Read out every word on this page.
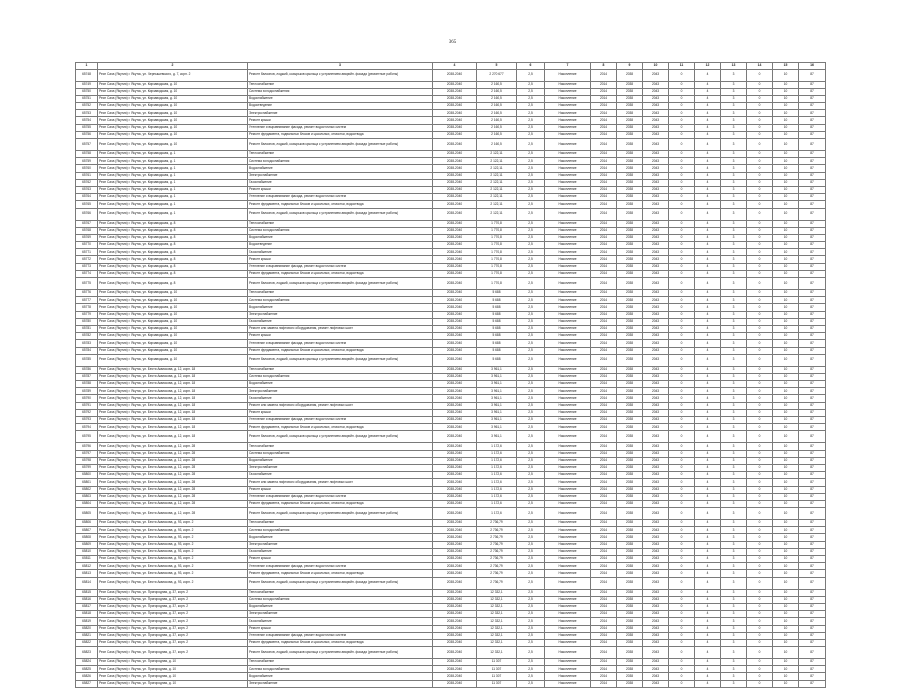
365
1	2	3	4	5	6	7	8	9	10	11	12	13	14	15	16
65748	Респ Саха (Якутия) г. Якутск, ул. Чернышевского, д. 7, корп. 2	Ремонт балконов, лоджий, козырьков крыльца с устранением аварийн. фасада (ремонтные работы)	2038-2040	2 270 677	2,5	Накопление	2014	2038	2043	0	4	3	0	10	87
65749	Респ Саха (Якутия) г. Якутск, ул. Кирзаводская, д. 10	Теплоснабжение	2038-2040	2 160,5	2,5	Накопление	2014	2038	2043	0	4	3	0	10	87
65750	Респ Саха (Якутия) г. Якутск, ул. Кирзаводская, д. 10	Система холодоснабжения	2038-2040	2 160,5	2,5	Накопление	2014	2038	2043	0	4	3	0	10	87
65751	Респ Саха (Якутия) г. Якутск, ул. Кирзаводская, д. 10	Водоснабжение	2038-2040	2 160,5	2,5	Накопление	2014	2038	2043	0	4	3	0	10	87
65752	Респ Саха (Якутия) г. Якутск, ул. Кирзаводская, д. 10	Водоотведение	2038-2040	2 160,5	2,5	Накопление	2014	2038	2043	0	4	3	0	10	87
65753	Респ Саха (Якутия) г. Якутск, ул. Кирзаводская, д. 10	Электроснабжение	2038-2040	2 160,5	2,5	Накопление	2014	2038	2043	0	4	3	0	10	87
65754	Респ Саха (Якутия) г. Якутск, ул. Кирзаводская, д. 10	Ремонт крыши	2038-2040	2 160,5	2,5	Накопление	2014	2038	2043	0	4	3	0	10	87
65755	Респ Саха (Якутия) г. Якутск, ул. Кирзаводская, д. 10	Утепление и выравнивание фасада, ремонт водосточных систем	2038-2040	2 160,5	2,5	Накопление	2014	2038	2043	0	4	3	0	10	87
65756	Респ Саха (Якутия) г. Якутск, ул. Кирзаводская, д. 10	Ремонт фундамента, подвальных блоков и цокольных, отмостки, водоотвода	2038-2040	2 160,5	2,5	Накопление	2014	2038	2043	0	4	3	0	10	87
65757	Респ Саха (Якутия) г. Якутск, ул. Кирзаводская, д. 10	Ремонт балконов, лоджий, козырьков крыльца с устранением аварийн. фасада (ремонтные работы)	2038-2040	2 160,5	2,5	Накопление	2014	2038	2043	0	4	3	0	10	87
65758	Респ Саха (Якутия) г. Якутск, ул. Кирзаводская, д. 1	Теплоснабжение	2038-2040	2 122,11	2,5	Накопление	2014	2038	2043	0	4	3	0	10	87
65759	Респ Саха (Якутия) г. Якутск, ул. Кирзаводская, д. 1	Система холодоснабжения	2038-2040	2 122,11	2,5	Накопление	2014	2038	2043	0	4	3	0	10	87
65760	Респ Саха (Якутия) г. Якутск, ул. Кирзаводская, д. 1	Водоснабжение	2038-2040	2 122,11	2,5	Накопление	2014	2038	2043	0	4	3	0	10	87
65761	Респ Саха (Якутия) г. Якутск, ул. Кирзаводская, д. 1	Электроснабжение	2038-2040	2 122,11	2,5	Накопление	2014	2038	2043	0	4	3	0	10	87
65762	Респ Саха (Якутия) г. Якутск, ул. Кирзаводская, д. 1	Газоснабжение	2038-2040	2 122,11	2,5	Накопление	2014	2038	2043	0	4	3	0	10	87
65763	Респ Саха (Якутия) г. Якутск, ул. Кирзаводская, д. 1	Ремонт крыши	2038-2040	2 122,11	2,5	Накопление	2014	2038	2043	0	4	3	0	10	87
65764	Респ Саха (Якутия) г. Якутск, ул. Кирзаводская, д. 1	Утепление и выравнивание фасада, ремонт водосточных систем	2038-2040	2 122,11	2,5	Накопление	2014	2038	2043	0	4	3	0	10	87
65765	Респ Саха (Якутия) г. Якутск, ул. Кирзаводская, д. 1	Ремонт фундамента, подвальных блоков и цокольных, отмостки, водоотвода	2038-2040	2 122,11	2,5	Накопление	2014	2038	2043	0	4	3	0	10	87
65766	Респ Саха (Якутия) г. Якутск, ул. Кирзаводская, д. 1	Ремонт балконов, лоджий, козырьков крыльца с устранением аварийн. фасада (ремонтные работы)	2038-2040	2 122,11	2,5	Накопление	2014	2038	2043	0	4	3	0	10	87
65767	Респ Саха (Якутия) г. Якутск, ул. Кирзаводская, д. 8	Теплоснабжение	2038-2040	1 770,8	2,5	Накопление	2014	2038	2043	0	4	3	0	10	87
65768	Респ Саха (Якутия) г. Якутск, ул. Кирзаводская, д. 8	Система холодоснабжения	2038-2040	1 770,8	2,5	Накопление	2014	2038	2043	0	4	3	0	10	87
65769	Респ Саха (Якутия) г. Якутск, ул. Кирзаводская, д. 8	Водоснабжение	2038-2040	1 770,8	2,5	Накопление	2014	2038	2043	0	4	3	0	10	87
65770	Респ Саха (Якутия) г. Якутск, ул. Кирзаводская, д. 8	Водоотведение	2038-2040	1 770,8	2,5	Накопление	2014	2038	2043	0	4	3	0	10	87
65771	Респ Саха (Якутия) г. Якутск, ул. Кирзаводская, д. 8	Газоснабжение	2038-2040	1 770,8	2,5	Накопление	2014	2038	2043	0	4	3	0	10	87
65772	Респ Саха (Якутия) г. Якутск, ул. Кирзаводская, д. 8	Ремонт крыши	2038-2040	1 770,8	2,5	Накопление	2014	2038	2043	0	4	3	0	10	87
65773	Респ Саха (Якутия) г. Якутск, ул. Кирзаводская, д. 8	Утепление и выравнивание фасада, ремонт водосточных систем	2038-2040	1 770,8	2,5	Накопление	2014	2038	2043	0	4	3	0	10	87
65774	Респ Саха (Якутия) г. Якутск, ул. Кирзаводская, д. 8	Ремонт фундамента, подвальных блоков и цокольных, отмостки, водоотвода	2038-2040	1 770,8	2,5	Накопление	2014	2038	2043	0	4	3	0	10	87
65775	Респ Саха (Якутия) г. Якутск, ул. Кирзаводская, д. 8	Ремонт балконов, лоджий, козырьков крыльца с устранением аварийн. фасада (ремонтные работы)	2038-2040	1 770,8	2,5	Накопление	2014	2038	2043	0	4	3	0	10	87
65776	Респ Саха (Якутия) г. Якутск, ул. Кирзаводская, д. 10	Теплоснабжение	2038-2040	5 688	2,5	Накопление	2014	2038	2043	0	4	3	0	10	87
65777	Респ Саха (Якутия) г. Якутск, ул. Кирзаводская, д. 10	Система холодоснабжения	2038-2040	5 688	2,5	Накопление	2014	2038	2043	0	4	3	0	10	87
65778	Респ Саха (Якутия) г. Якутск, ул. Кирзаводская, д. 10	Водоснабжение	2038-2040	5 688	2,5	Накопление	2014	2038	2043	0	4	3	0	10	87
65779	Респ Саха (Якутия) г. Якутск, ул. Кирзаводская, д. 10	Электроснабжение	2038-2040	5 688	2,5	Накопление	2014	2038	2043	0	4	3	0	10	87
65780	Респ Саха (Якутия) г. Якутск, ул. Кирзаводская, д. 10	Газоснабжение	2038-2040	5 688	2,5	Накопление	2014	2038	2043	0	4	3	0	10	87
65781	Респ Саха (Якутия) г. Якутск, ул. Кирзаводская, д. 10	Ремонт или замена лифтового оборудования, ремонт лифтовых шахт	2038-2040	5 688	2,5	Накопление	2014	2038	2043	0	4	3	0	10	87
65782	Респ Саха (Якутия) г. Якутск, ул. Кирзаводская, д. 10	Ремонт крыши	2038-2040	5 688	2,5	Накопление	2014	2038	2043	0	4	3	0	10	87
65783	Респ Саха (Якутия) г. Якутск, ул. Кирзаводская, д. 10	Утепление и выравнивание фасада, ремонт водосточных систем	2038-2040	5 688	2,5	Накопление	2014	2038	2043	0	4	3	0	10	87
65784	Респ Саха (Якутия) г. Якутск, ул. Кирзаводская, д. 10	Ремонт фундамента, подвальных блоков и цокольных, отмостки, водоотвода	2038-2040	5 688	2,5	Накопление	2014	2038	2043	0	4	3	0	10	87
65785	Респ Саха (Якутия) г. Якутск, ул. Кирзаводская, д. 10	Ремонт балконов, лоджий, козырьков крыльца с устранением аварийн. фасада (ремонтные работы)	2038-2040	5 688	2,5	Накопление	2014	2038	2043	0	4	3	0	10	87
65786	Респ Саха (Якутия) г. Якутск, ул. Бестя Аммосова, д. 12, корп. 18	Теплоснабжение	2038-2040	3 961,1	2,5	Накопление	2014	2038	2043	0	4	3	0	10	87
65787	Респ Саха (Якутия) г. Якутск, ул. Бестя Аммосова, д. 12, корп. 18	Система холодоснабжения	2038-2040	3 961,1	2,5	Накопление	2014	2038	2043	0	4	3	0	10	87
65788	Респ Саха (Якутия) г. Якутск, ул. Бестя Аммосова, д. 12, корп. 18	Водоснабжение	2038-2040	3 961,1	2,5	Накопление	2014	2038	2043	0	4	3	0	10	87
65789	Респ Саха (Якутия) г. Якутск, ул. Бестя Аммосова, д. 12, корп. 18	Электроснабжение	2038-2040	3 961,1	2,5	Накопление	2014	2038	2043	0	4	3	0	10	87
65790	Респ Саха (Якутия) г. Якутск, ул. Бестя Аммосова, д. 12, корп. 18	Газоснабжение	2038-2040	3 961,1	2,5	Накопление	2014	2038	2043	0	4	3	0	10	87
65791	Респ Саха (Якутия) г. Якутск, ул. Бестя Аммосова, д. 12, корп. 18	Ремонт или замена лифтового оборудования, ремонт лифтовых шахт	2038-2040	3 961,1	2,5	Накопление	2014	2038	2043	0	4	3	0	10	87
65792	Респ Саха (Якутия) г. Якутск, ул. Бестя Аммосова, д. 12, корп. 18	Ремонт крыши	2038-2040	3 961,1	2,5	Накопление	2014	2038	2043	0	4	3	0	10	87
65793	Респ Саха (Якутия) г. Якутск, ул. Бестя Аммосова, д. 12, корп. 18	Утепление и выравнивание фасада, ремонт водосточных систем	2038-2040	3 961,1	2,5	Накопление	2014	2038	2043	0	4	3	0	10	87
65794	Респ Саха (Якутия) г. Якутск, ул. Бестя Аммосова, д. 12, корп. 18	Ремонт фундамента, подвальных блоков и цокольных, отмостки, водоотвода	2038-2040	3 961,1	2,5	Накопление	2014	2038	2043	0	4	3	0	10	87
65795	Респ Саха (Якутия) г. Якутск, ул. Бестя Аммосова, д. 12, корп. 18	Ремонт балконов, лоджий, козырьков крыльца с устранением аварийн. фасада (ремонтные работы)	2038-2040	3 961,1	2,5	Накопление	2014	2038	2043	0	4	3	0	10	87
65796	Респ Саха (Якутия) г. Якутск, ул. Бестя Аммосова, д. 12, корп. 28	Теплоснабжение	2038-2040	1 172,6	2,5	Накопление	2014	2038	2043	0	4	3	0	10	87
65797	Респ Саха (Якутия) г. Якутск, ул. Бестя Аммосова, д. 12, корп. 28	Система холодоснабжения	2038-2040	1 172,6	2,5	Накопление	2014	2038	2043	0	4	3	0	10	87
65798	Респ Саха (Якутия) г. Якутск, ул. Бестя Аммосова, д. 12, корп. 28	Водоснабжение	2038-2040	1 172,6	2,5	Накопление	2014	2038	2043	0	4	3	0	10	87
65799	Респ Саха (Якутия) г. Якутск, ул. Бестя Аммосова, д. 12, корп. 28	Электроснабжение	2038-2040	1 172,6	2,5	Накопление	2014	2038	2043	0	4	3	0	10	87
65800	Респ Саха (Якутия) г. Якутск, ул. Бестя Аммосова, д. 12, корп. 28	Газоснабжение	2038-2040	1 172,6	2,5	Накопление	2014	2038	2043	0	4	3	0	10	87
65801	Респ Саха (Якутия) г. Якутск, ул. Бестя Аммосова, д. 12, корп. 28	Ремонт или замена лифтового оборудования, ремонт лифтовых шахт	2038-2040	1 172,6	2,5	Накопление	2014	2038	2043	0	4	3	0	10	87
65802	Респ Саха (Якутия) г. Якутск, ул. Бестя Аммосова, д. 12, корп. 28	Ремонт крыши	2038-2040	1 172,6	2,5	Накопление	2014	2038	2043	0	4	3	0	10	87
65803	Респ Саха (Якутия) г. Якутск, ул. Бестя Аммосова, д. 12, корп. 28	Утепление и выравнивание фасада, ремонт водосточных систем	2038-2040	1 172,6	2,5	Накопление	2014	2038	2043	0	4	3	0	10	87
65804	Респ Саха (Якутия) г. Якутск, ул. Бестя Аммосова, д. 12, корп. 28	Ремонт фундамента, подвальных блоков и цокольных, отмостки, водоотвода	2038-2040	1 172,6	2,5	Накопление	2014	2038	2043	0	4	3	0	10	87
65805	Респ Саха (Якутия) г. Якутск, ул. Бестя Аммосова, д. 12, корп. 28	Ремонт балконов, лоджий, козырьков крыльца с устранением аварийн. фасада (ремонтные работы)	2038-2040	1 172,6	2,5	Накопление	2014	2038	2043	0	4	3	0	10	87
65806	Респ Саха (Якутия) г. Якутск, ул. Бестя Аммосова, д. 93, корп. 2	Теплоснабжение	2038-2040	2 736,79	2,5	Накопление	2014	2038	2043	0	4	3	0	10	87
65807	Респ Саха (Якутия) г. Якутск, ул. Бестя Аммосова, д. 93, корп. 2	Система холодоснабжения	2038-2040	2 736,79	2,5	Накопление	2014	2038	2043	0	4	3	0	10	87
65808	Респ Саха (Якутия) г. Якутск, ул. Бестя Аммосова, д. 93, корп. 2	Водоснабжение	2038-2040	2 736,79	2,5	Накопление	2014	2038	2043	0	4	3	0	10	87
65809	Респ Саха (Якутия) г. Якутск, ул. Бестя Аммосова, д. 93, корп. 2	Электроснабжение	2038-2040	2 736,79	2,5	Накопление	2014	2038	2043	0	4	3	0	10	87
65810	Респ Саха (Якутия) г. Якутск, ул. Бестя Аммосова, д. 93, корп. 2	Газоснабжение	2038-2040	2 736,79	2,5	Накопление	2014	2038	2043	0	4	3	0	10	87
65811	Респ Саха (Якутия) г. Якутск, ул. Бестя Аммосова, д. 93, корп. 2	Ремонт крыши	2038-2040	2 736,79	2,5	Накопление	2014	2038	2043	0	4	3	0	10	87
65812	Респ Саха (Якутия) г. Якутск, ул. Бестя Аммосова, д. 93, корп. 2	Утепление и выравнивание фасада, ремонт водосточных систем	2038-2040	2 736,79	2,5	Накопление	2014	2038	2043	0	4	3	0	10	87
65813	Респ Саха (Якутия) г. Якутск, ул. Бестя Аммосова, д. 93, корп. 2	Ремонт фундамента, подвальных блоков и цокольных, отмостки, водоотвода	2038-2040	2 736,79	2,5	Накопление	2014	2038	2043	0	4	3	0	10	87
65814	Респ Саха (Якутия) г. Якутск, ул. Бестя Аммосова, д. 93, корп. 2	Ремонт балконов, лоджий, козырьков крыльца с устранением аварийн. фасада (ремонтные работы)	2038-2040	2 736,79	2,5	Накопление	2014	2038	2043	0	4	3	0	10	87
65815	Респ Саха (Якутия) г. Якутск, ул. Пригородная, д. 37, корп. 2	Теплоснабжение	2038-2040	12 332,1	2,5	Накопление	2014	2038	2043	0	4	3	0	10	87
65816	Респ Саха (Якутия) г. Якутск, ул. Пригородная, д. 37, корп. 2	Система холодоснабжения	2038-2040	12 332,1	2,5	Накопление	2014	2038	2043	0	4	3	0	10	87
65817	Респ Саха (Якутия) г. Якутск, ул. Пригородная, д. 37, корп. 2	Водоснабжение	2038-2040	12 332,1	2,5	Накопление	2014	2038	2043	0	4	3	0	10	87
65818	Респ Саха (Якутия) г. Якутск, ул. Пригородная, д. 37, корп. 2	Электроснабжение	2038-2040	12 332,1	2,5	Накопление	2014	2038	2043	0	4	3	0	10	87
65819	Респ Саха (Якутия) г. Якутск, ул. Пригородная, д. 37, корп. 2	Газоснабжение	2038-2040	12 332,1	2,5	Накопление	2014	2038	2043	0	4	3	0	10	87
65820	Респ Саха (Якутия) г. Якутск, ул. Пригородная, д. 37, корп. 2	Ремонт крыши	2038-2040	12 332,1	2,5	Накопление	2014	2038	2043	0	4	3	0	10	87
65821	Респ Саха (Якутия) г. Якутск, ул. Пригородная, д. 37, корп. 2	Утепление и выравнивание фасада, ремонт водосточных систем	2038-2040	12 332,1	2,5	Накопление	2014	2038	2043	0	4	3	0	10	87
65822	Респ Саха (Якутия) г. Якутск, ул. Пригородная, д. 37, корп. 2	Ремонт фундамента, подвальных блоков и цокольных, отмостки, водоотвода	2038-2040	12 332,1	2,5	Накопление	2014	2038	2043	0	4	3	0	10	87
65823	Респ Саха (Якутия) г. Якутск, ул. Пригородная, д. 37, корп. 2	Ремонт балконов, лоджий, козырьков крыльца с устранением аварийн. фасада (ремонтные работы)	2038-2040	12 332,1	2,5	Накопление	2014	2038	2043	0	4	3	0	10	87
65824	Респ Саха (Якутия) г. Якутск, ул. Пригородная, д. 10	Теплоснабжение	2038-2040	11 307	2,5	Накопление	2014	2038	2043	0	4	3	0	10	87
65825	Респ Саха (Якутия) г. Якутск, ул. Пригородная, д. 10	Система холодоснабжения	2038-2040	11 307	2,5	Накопление	2014	2038	2043	0	4	3	0	10	87
65826	Респ Саха (Якутия) г. Якутск, ул. Пригородная, д. 10	Водоснабжение	2038-2040	11 307	2,5	Накопление	2014	2038	2043	0	4	3	0	10	87
65827	Респ Саха (Якутия) г. Якутск, ул. Пригородная, д. 10	Электроснабжение	2038-2040	11 307	2,5	Накопление	2014	2038	2043	0	4	3	0	10	87
